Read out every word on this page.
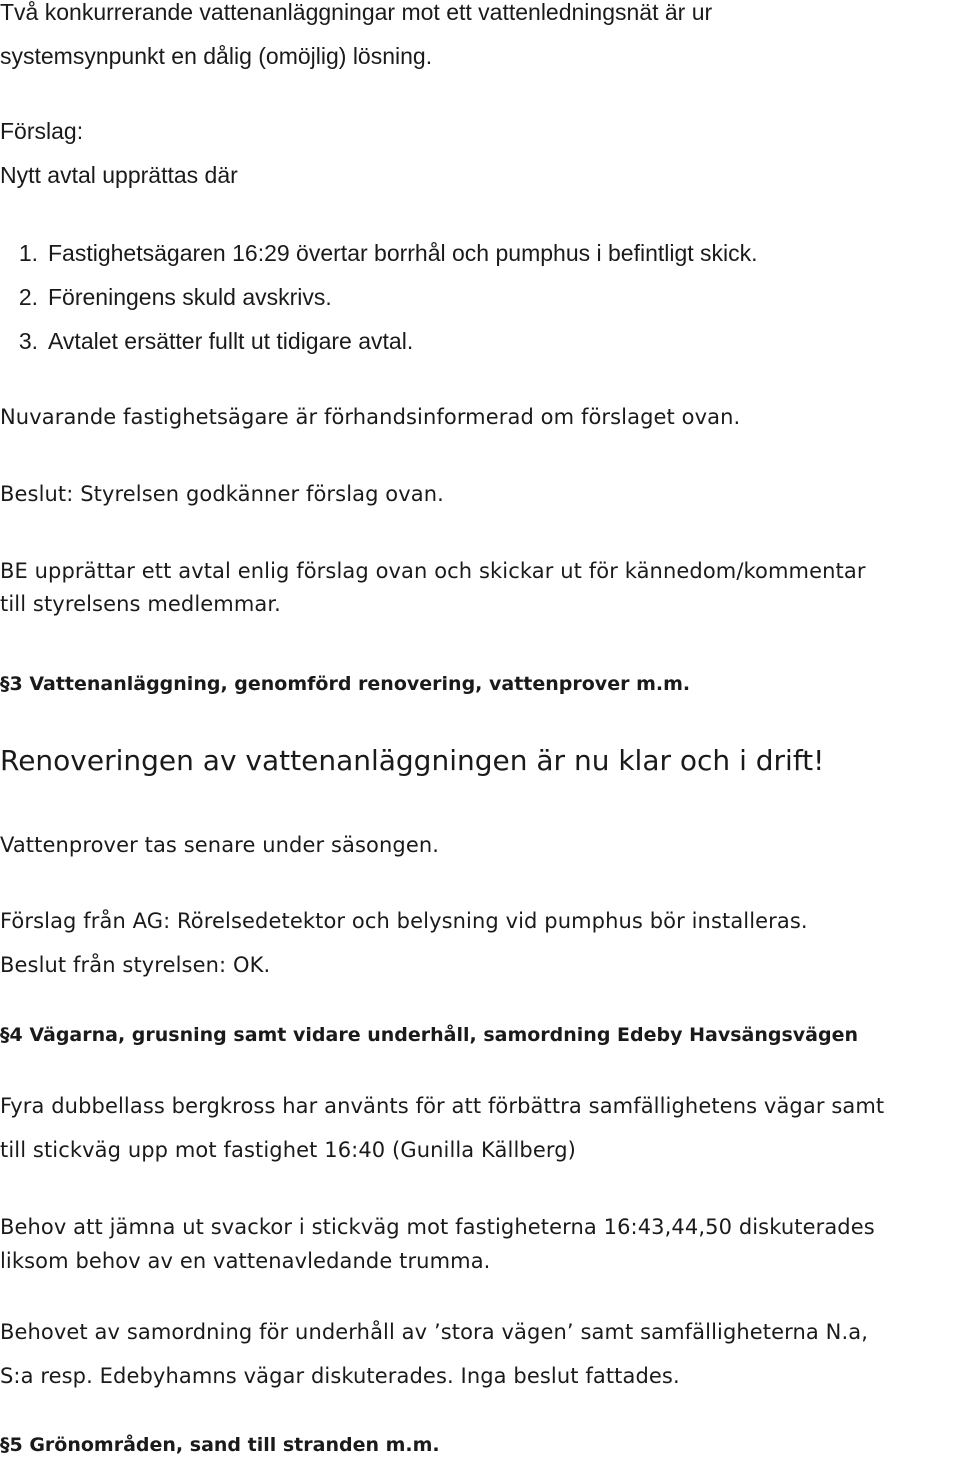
Två konkurrerande vattenanläggningar mot ett vattenledningsnät är ur
systemsynpunkt en dålig (omöjlig) lösning.
Förslag:
Nytt avtal upprättas där
1. Fastighetsägaren 16:29 övertar borrhål och pumphus i befintligt skick.
2. Föreningens skuld avskrivs.
3. Avtalet ersätter fullt ut tidigare avtal.
Nuvarande fastighetsägare är förhandsinformerad om förslaget ovan.
Beslut: Styrelsen godkänner förslag ovan.
BE upprättar ett avtal enlig förslag ovan och skickar ut för kännedom/kommentar
till styrelsens medlemmar.
§3 Vattenanläggning, genomförd renovering, vattenprover m.m.
Renoveringen av vattenanläggningen är nu klar och i drift!
Vattenprover tas senare under säsongen.
Förslag från AG: Rörelsedetektor och belysning vid pumphus bör installeras.
Beslut från styrelsen: OK.
§4 Vägarna, grusning samt vidare underhåll, samordning Edeby Havsängsvägen
Fyra dubbellass bergkross har använts för att förbättra samfällighetens vägar samt
till stickväg upp mot fastighet 16:40 (Gunilla Källberg)
Behov att jämna ut svackor i stickväg mot fastigheterna 16:43,44,50 diskuterades
liksom behov av en vattenavledande trumma.
Behovet av samordning för underhåll av ’stora vägen’ samt samfälligheterna N.a,
S:a resp. Edebyhamns vägar diskuterades. Inga beslut fattades.
§5 Grönområden, sand till stranden m.m.
